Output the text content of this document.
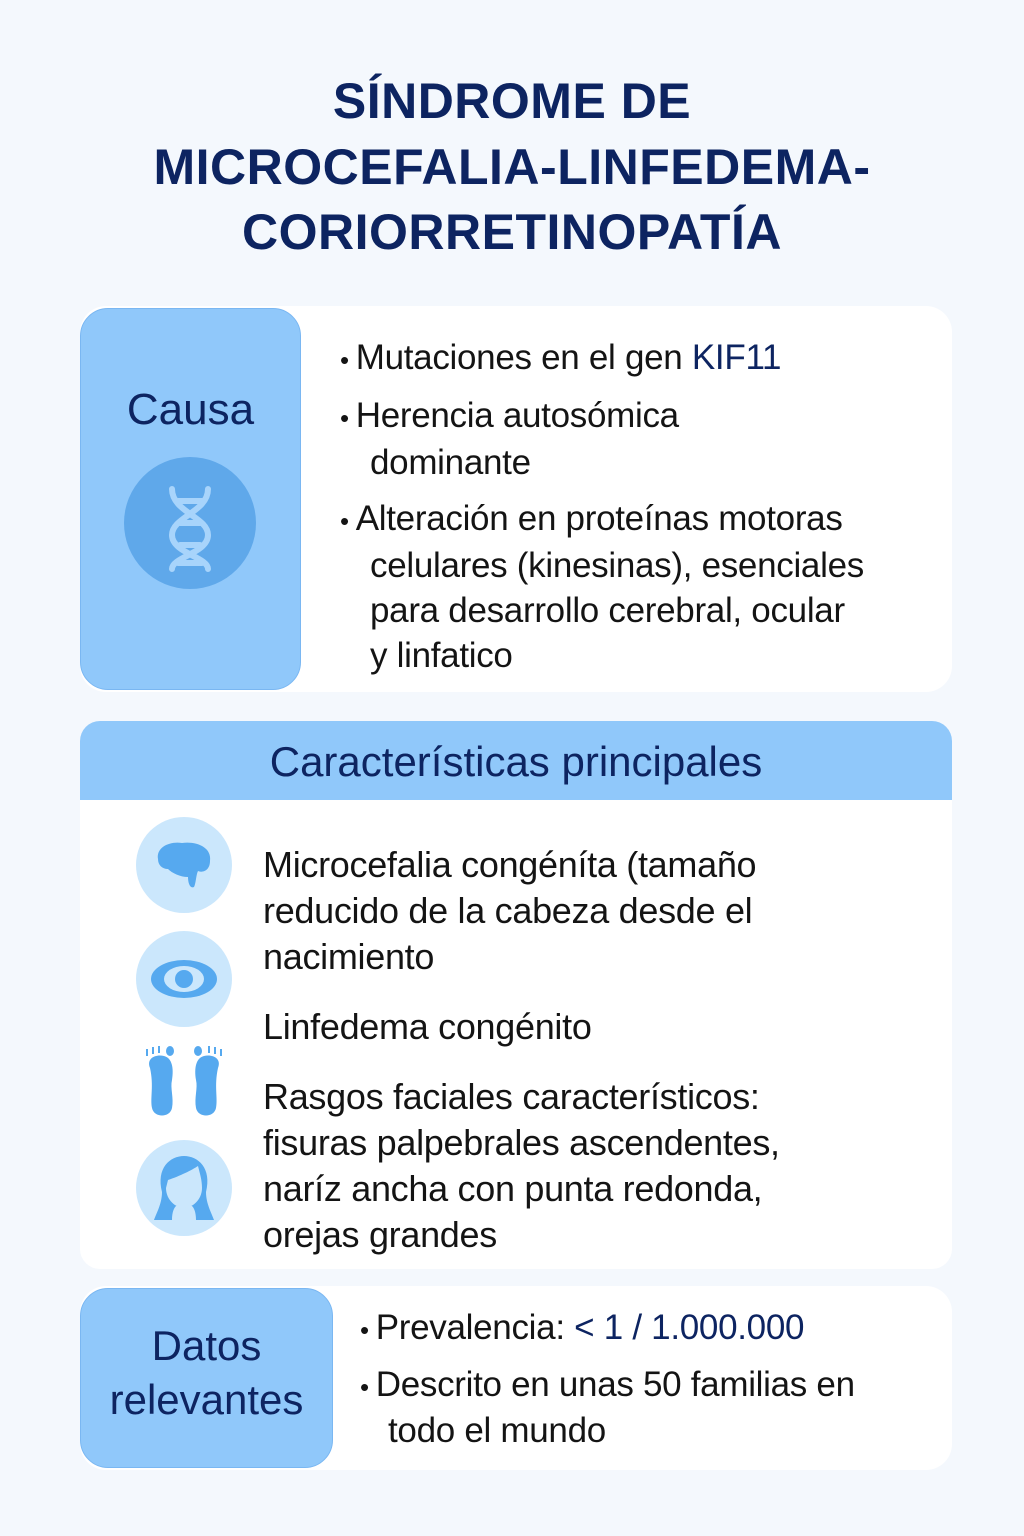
SÍNDROME DE
MICROCEFALIA-LINFEDEMA-
CORIORRETINOPATÍA
Causa
• Mutaciones en el gen KIF11
• Herencia autosómica
dominante
• Alteración en proteínas motoras
celulares (kinesinas), esenciales
para desarrollo cerebral, ocular
y linfatico
Características principales
Microcefalia congéníta (tamaño
reducido de la cabeza desde el
nacimiento
Linfedema congénito
Rasgos faciales característicos:
fisuras palpebrales ascendentes,
naríz ancha con punta redonda,
orejas grandes
Datos
relevantes
• Prevalencia: < 1 / 1.000.000
• Descrito en unas 50 familias en
todo el mundo
